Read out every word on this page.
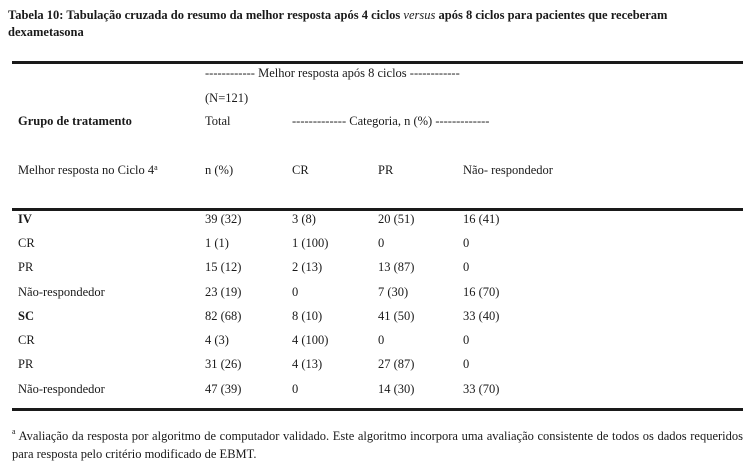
Tabela 10: Tabulação cruzada do resumo da melhor resposta após 4 ciclos versus após 8 ciclos para pacientes que receberam dexametasona
------------ Melhor resposta após 8 ciclos ------------
(N=121)
Grupo de tratamento	Total	------------- Categoria, n (%) -------------
Melhor resposta no Ciclo 4$^a$	n (%)	CR	PR	Não- respondedor
IV	39 (32)	3 (8)	20 (51)	16 (41)
CR	1 (1)	1 (100)	0	0
PR	15 (12)	2 (13)	13 (87)	0
Não-respondedor	23 (19)	0	7 (30)	16 (70)
SC	82 (68)	8 (10)	41 (50)	33 (40)
CR	4 (3)	4 (100)	0	0
PR	31 (26)	4 (13)	27 (87)	0
Não-respondedor	47 (39)	0	14 (30)	33 (70)
$^a$ Avaliação da resposta por algoritmo de computador validado. Este algoritmo incorpora uma avaliação consistente de todos os dados requeridos para resposta pelo critério modificado de EBMT.
